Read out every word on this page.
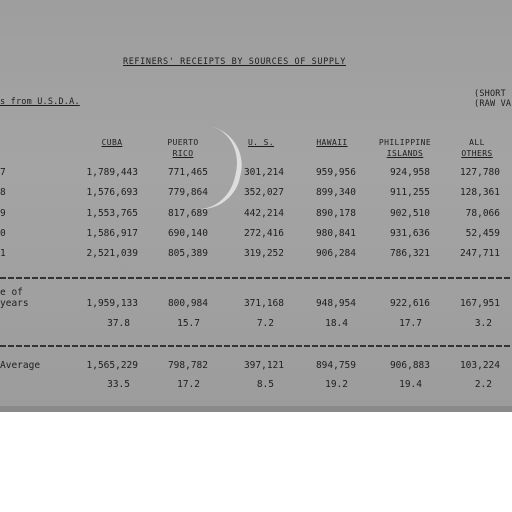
REFINERS' RECEIPTS BY SOURCES OF SUPPLY
s from U.S.D.A.
(SHORT
(RAW VA
CUBA	PUERTO
RICO
U. S.	HAWAII	PHILIPPINE
ISLANDS
ALL
OTHERS
7	1,789,443	771,465	301,214	959,956	924,958	127,780
8	1,576,693	779,864	352,027	899,340	911,255	128,361
9	1,553,765	817,689	442,214	890,178	902,510	78,066
0	1,586,917	690,140	272,416	980,841	931,636	52,459
1	2,521,039	805,389	319,252	906,284	786,321	247,711
e of
years	1,959,133	800,984	371,168	948,954	922,616	167,951
37.8	15.7	7.2	18.4	17.7	3.2
Average	1,565,229	798,782	397,121	894,759	906,883	103,224
33.5	17.2	8.5	19.2	19.4	2.2
